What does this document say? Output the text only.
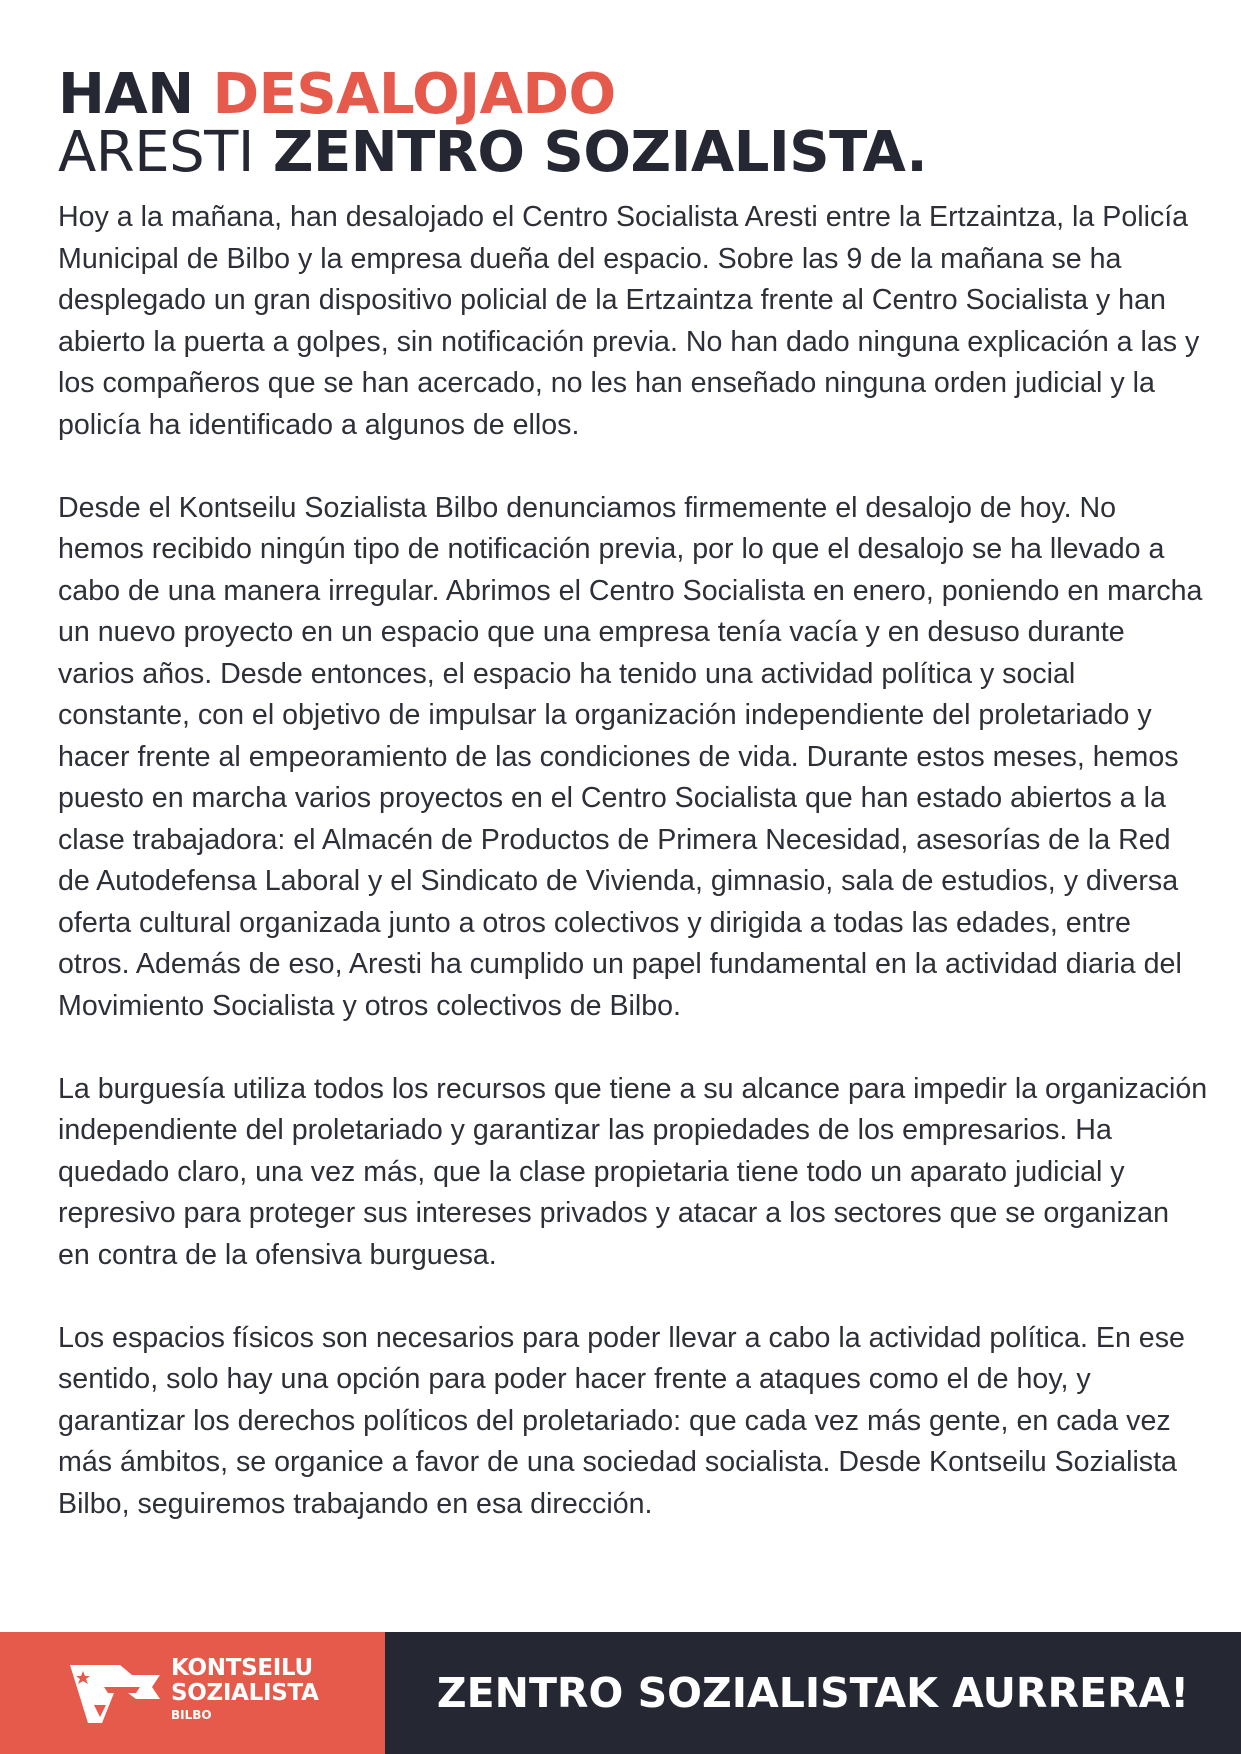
HAN DESALOJADO
ARESTI ZENTRO SOZIALISTA.

Hoy a la mañana, han desalojado el Centro Socialista Aresti entre la Ertzaintza, la Policía Municipal de Bilbo y la empresa dueña del espacio. Sobre las 9 de la mañana se ha desplegado un gran dispositivo policial de la Ertzaintza frente al Centro Socialista y han abierto la puerta a golpes, sin notificación previa. No han dado ninguna explicación a las y los compañeros que se han acercado, no les han enseñado ninguna orden judicial y la policía ha identificado a algunos de ellos.

Desde el Kontseilu Sozialista Bilbo denunciamos firmemente el desalojo de hoy. No hemos recibido ningún tipo de notificación previa, por lo que el desalojo se ha llevado a cabo de una manera irregular. Abrimos el Centro Socialista en enero, poniendo en marcha un nuevo proyecto en un espacio que una empresa tenía vacía y en desuso durante varios años. Desde entonces, el espacio ha tenido una actividad política y social constante, con el objetivo de impulsar la organización independiente del proletariado y hacer frente al empeoramiento de las condiciones de vida. Durante estos meses, hemos puesto en marcha varios proyectos en el Centro Socialista que han estado abiertos a la clase trabajadora: el Almacén de Productos de Primera Necesidad, asesorías de la Red de Autodefensa Laboral y el Sindicato de Vivienda, gimnasio, sala de estudios, y diversa oferta cultural organizada junto a otros colectivos y dirigida a todas las edades, entre otros. Además de eso, Aresti ha cumplido un papel fundamental en la actividad diaria del Movimiento Socialista y otros colectivos de Bilbo.

La burguesía utiliza todos los recursos que tiene a su alcance para impedir la organización independiente del proletariado y garantizar las propiedades de los empresarios. Ha quedado claro, una vez más, que la clase propietaria tiene todo un aparato judicial y represivo para proteger sus intereses privados y atacar a los sectores que se organizan en contra de la ofensiva burguesa.

Los espacios físicos son necesarios para poder llevar a cabo la actividad política. En ese sentido, solo hay una opción para poder hacer frente a ataques como el de hoy, y garantizar los derechos políticos del proletariado: que cada vez más gente, en cada vez más ámbitos, se organice a favor de una sociedad socialista. Desde Kontseilu Sozialista Bilbo, seguiremos trabajando en esa dirección.

KONTSEILU
SOZIALISTA
BILBO	ZENTRO SOZIALISTAK AURRERA!
